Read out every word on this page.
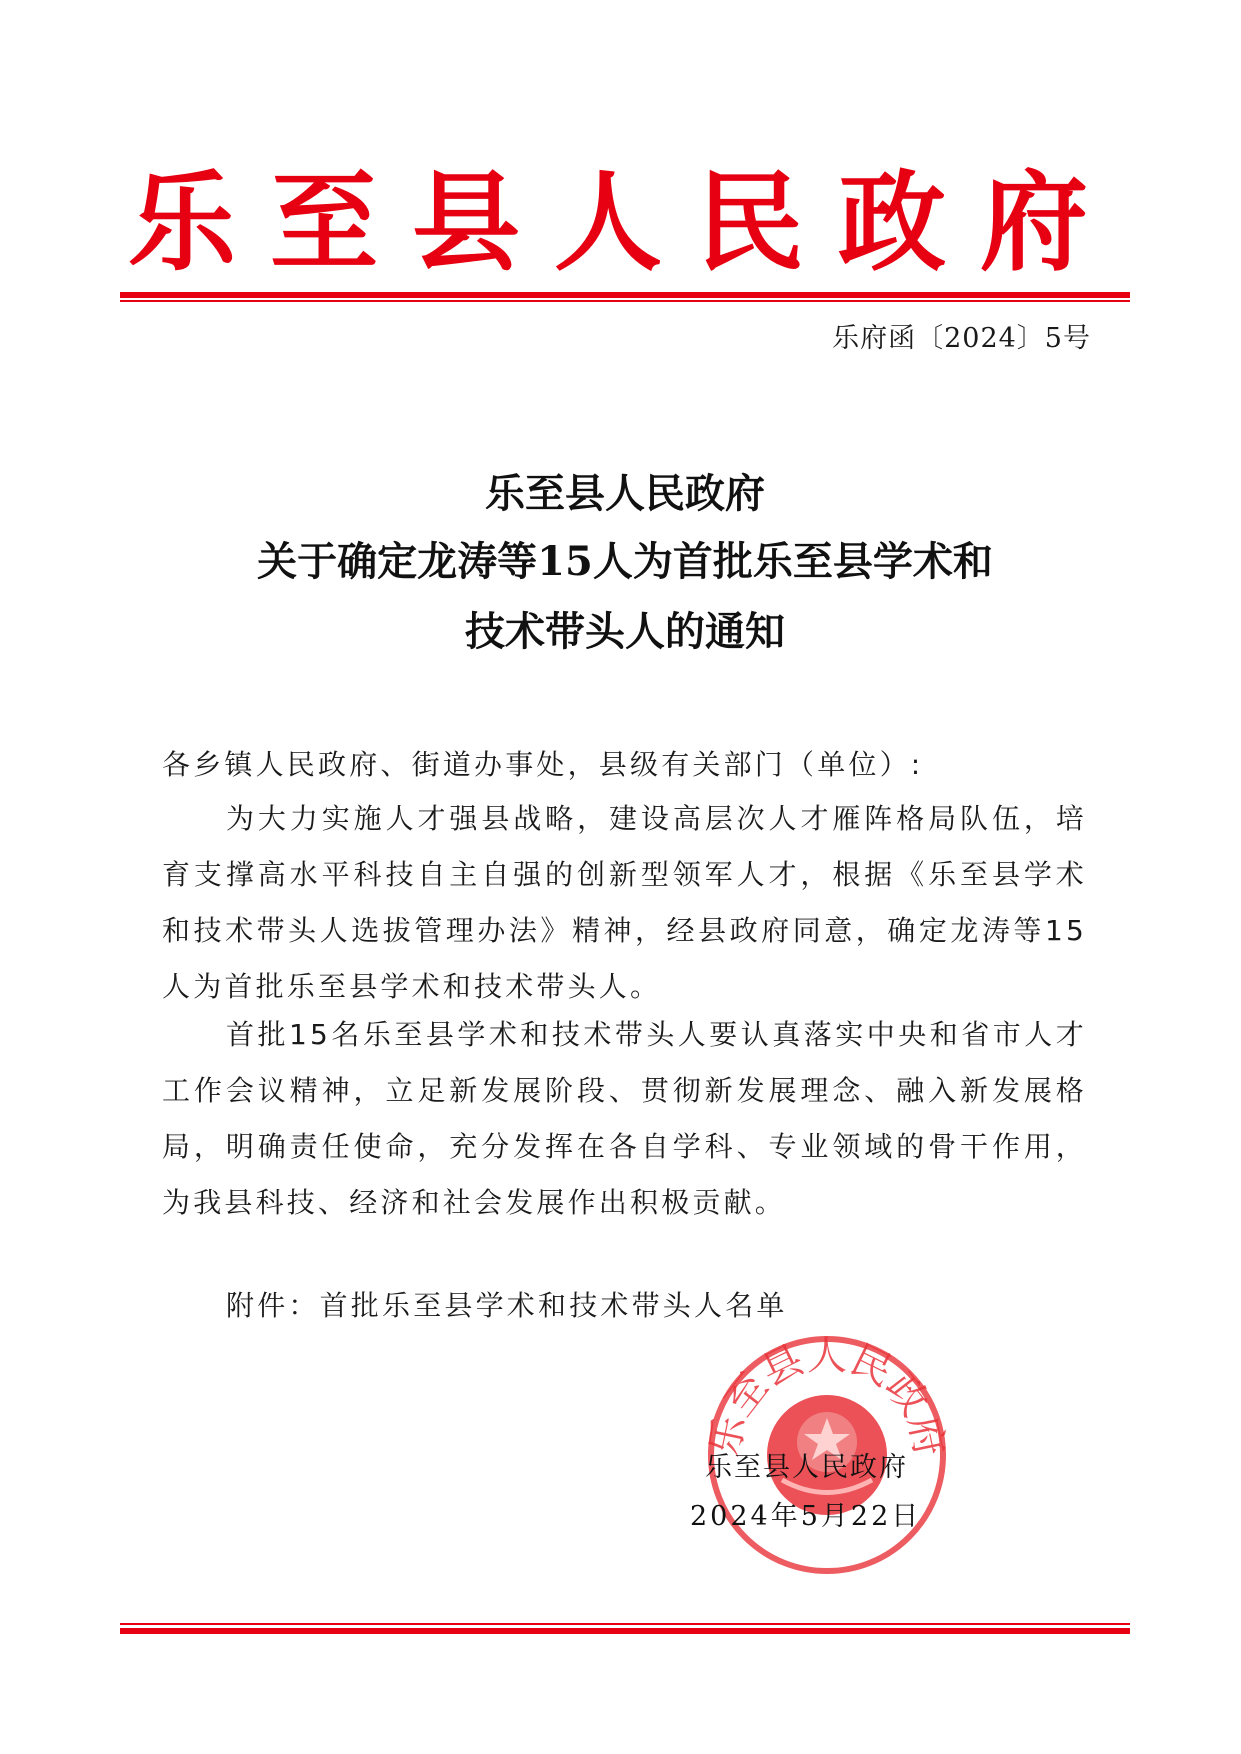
乐至县人民政府
乐府函〔2024〕5号
乐至县人民政府
关于确定龙涛等15人为首批乐至县学术和
技术带头人的通知
各乡镇人民政府、街道办事处，县级有关部门（单位）:
为大力实施人才强县战略，建设高层次人才雁阵格局队伍，培育支撑高水平科技自主自强的创新型领军人才，根据《乐至县学术和技术带头人选拔管理办法》精神，经县政府同意，确定龙涛等15人为首批乐至县学术和技术带头人。
首批15名乐至县学术和技术带头人要认真落实中央和省市人才工作会议精神，立足新发展阶段、贯彻新发展理念、融入新发展格局，明确责任使命，充分发挥在各自学科、专业领域的骨干作用，为我县科技、经济和社会发展作出积极贡献。
附件：首批乐至县学术和技术带头人名单
乐至县人民政府
乐至县人民政府
2024年5月22日
